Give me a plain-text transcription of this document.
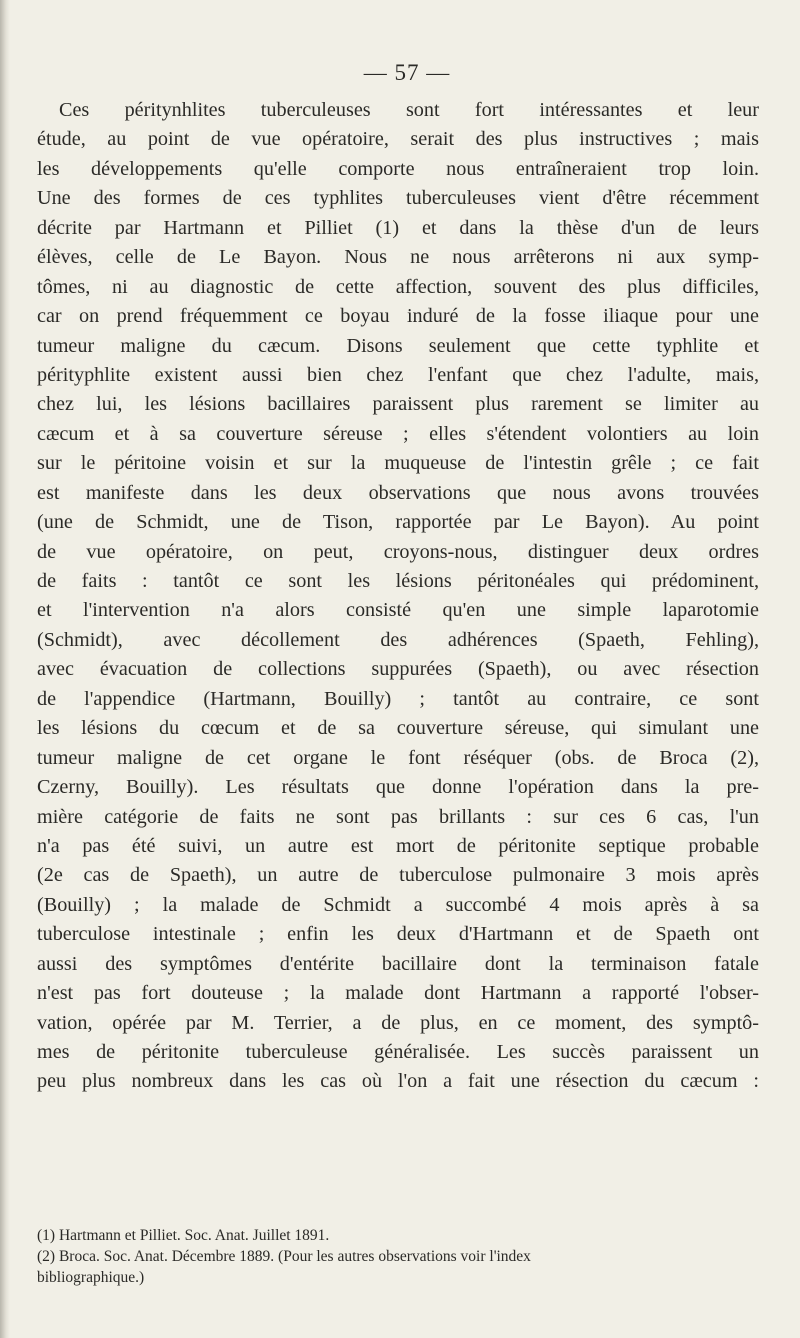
— 57 —
Ces péritynhlites tuberculeuses sont fort intéressantes et leur
étude, au point de vue opératoire, serait des plus instructives ; mais
les développements qu'elle comporte nous entraîneraient trop loin.
Une des formes de ces typhlites tuberculeuses vient d'être récemment
décrite par Hartmann et Pilliet (1) et dans la thèse d'un de leurs
élèves, celle de Le Bayon. Nous ne nous arrêterons ni aux symp-
tômes, ni au diagnostic de cette affection, souvent des plus difficiles,
car on prend fréquemment ce boyau induré de la fosse iliaque pour une
tumeur maligne du cæcum. Disons seulement que cette typhlite et
pérityphlite existent aussi bien chez l'enfant que chez l'adulte, mais,
chez lui, les lésions bacillaires paraissent plus rarement se limiter au
cæcum et à sa couverture séreuse ; elles s'étendent volontiers au loin
sur le péritoine voisin et sur la muqueuse de l'intestin grêle ; ce fait
est manifeste dans les deux observations que nous avons trouvées
(une de Schmidt, une de Tison, rapportée par Le Bayon). Au point
de vue opératoire, on peut, croyons-nous, distinguer deux ordres
de faits : tantôt ce sont les lésions péritonéales qui prédominent,
et l'intervention n'a alors consisté qu'en une simple laparotomie
(Schmidt), avec décollement des adhérences (Spaeth, Fehling),
avec évacuation de collections suppurées (Spaeth), ou avec résection
de l'appendice (Hartmann, Bouilly) ; tantôt au contraire, ce sont
les lésions du cœcum et de sa couverture séreuse, qui simulant une
tumeur maligne de cet organe le font réséquer (obs. de Broca (2),
Czerny, Bouilly). Les résultats que donne l'opération dans la pre-
mière catégorie de faits ne sont pas brillants : sur ces 6 cas, l'un
n'a pas été suivi, un autre est mort de péritonite septique probable
(2e cas de Spaeth), un autre de tuberculose pulmonaire 3 mois après
(Bouilly) ; la malade de Schmidt a succombé 4 mois après à sa
tuberculose intestinale ; enfin les deux d'Hartmann et de Spaeth ont
aussi des symptômes d'entérite bacillaire dont la terminaison fatale
n'est pas fort douteuse ; la malade dont Hartmann a rapporté l'obser-
vation, opérée par M. Terrier, a de plus, en ce moment, des symptô-
mes de péritonite tuberculeuse généralisée. Les succès paraissent un
peu plus nombreux dans les cas où l'on a fait une résection du cæcum :
(1) Hartmann et Pilliet. Soc. Anat. Juillet 1891.
(2) Broca. Soc. Anat. Décembre 1889. (Pour les autres observations voir l'index
bibliographique.)
